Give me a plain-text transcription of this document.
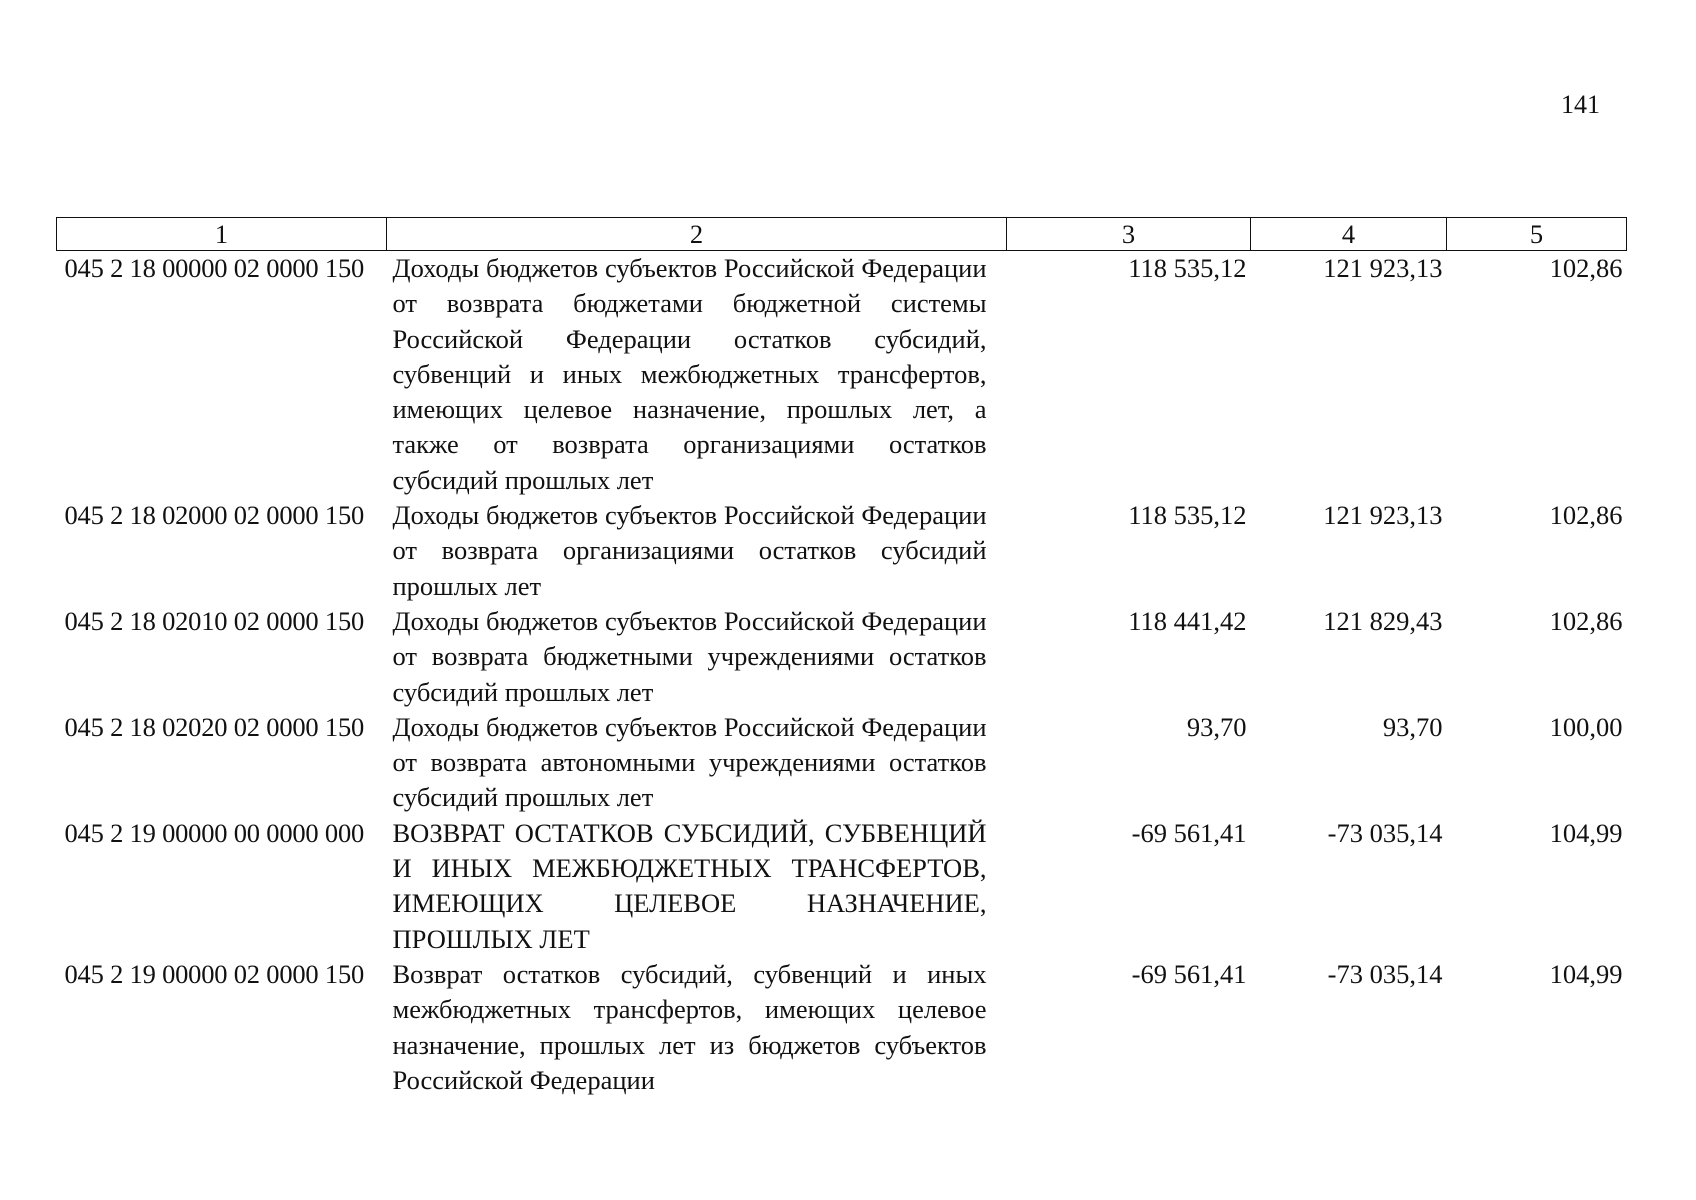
141
1	2	3	4	5
045 2 18 00000 02 0000 150	Доходы бюджетов субъектов Российской Федерации от возврата бюджетами бюджетной системы Российской Федерации остатков субсидий, субвенций и иных межбюджетных трансфертов, имеющих целевое назначение, прошлых лет, а также от возврата организациями остатков субсидий прошлых лет	118 535,12	121 923,13	102,86
045 2 18 02000 02 0000 150	Доходы бюджетов субъектов Российской Федерации от возврата организациями остатков субсидий прошлых лет	118 535,12	121 923,13	102,86
045 2 18 02010 02 0000 150	Доходы бюджетов субъектов Российской Федерации от возврата бюджетными учреждениями остатков субсидий прошлых лет	118 441,42	121 829,43	102,86
045 2 18 02020 02 0000 150	Доходы бюджетов субъектов Российской Федерации от возврата автономными учреждениями остатков субсидий прошлых лет	93,70	93,70	100,00
045 2 19 00000 00 0000 000	ВОЗВРАТ ОСТАТКОВ СУБСИДИЙ, СУБВЕНЦИЙ И ИНЫХ МЕЖБЮДЖЕТНЫХ ТРАНСФЕРТОВ, ИМЕЮЩИХ ЦЕЛЕВОЕ НАЗНАЧЕНИЕ, ПРОШЛЫХ ЛЕТ	-69 561,41	-73 035,14	104,99
045 2 19 00000 02 0000 150	Возврат остатков субсидий, субвенций и иных межбюджетных трансфертов, имеющих целевое назначение, прошлых лет из бюджетов субъектов Российской Федерации	-69 561,41	-73 035,14	104,99
